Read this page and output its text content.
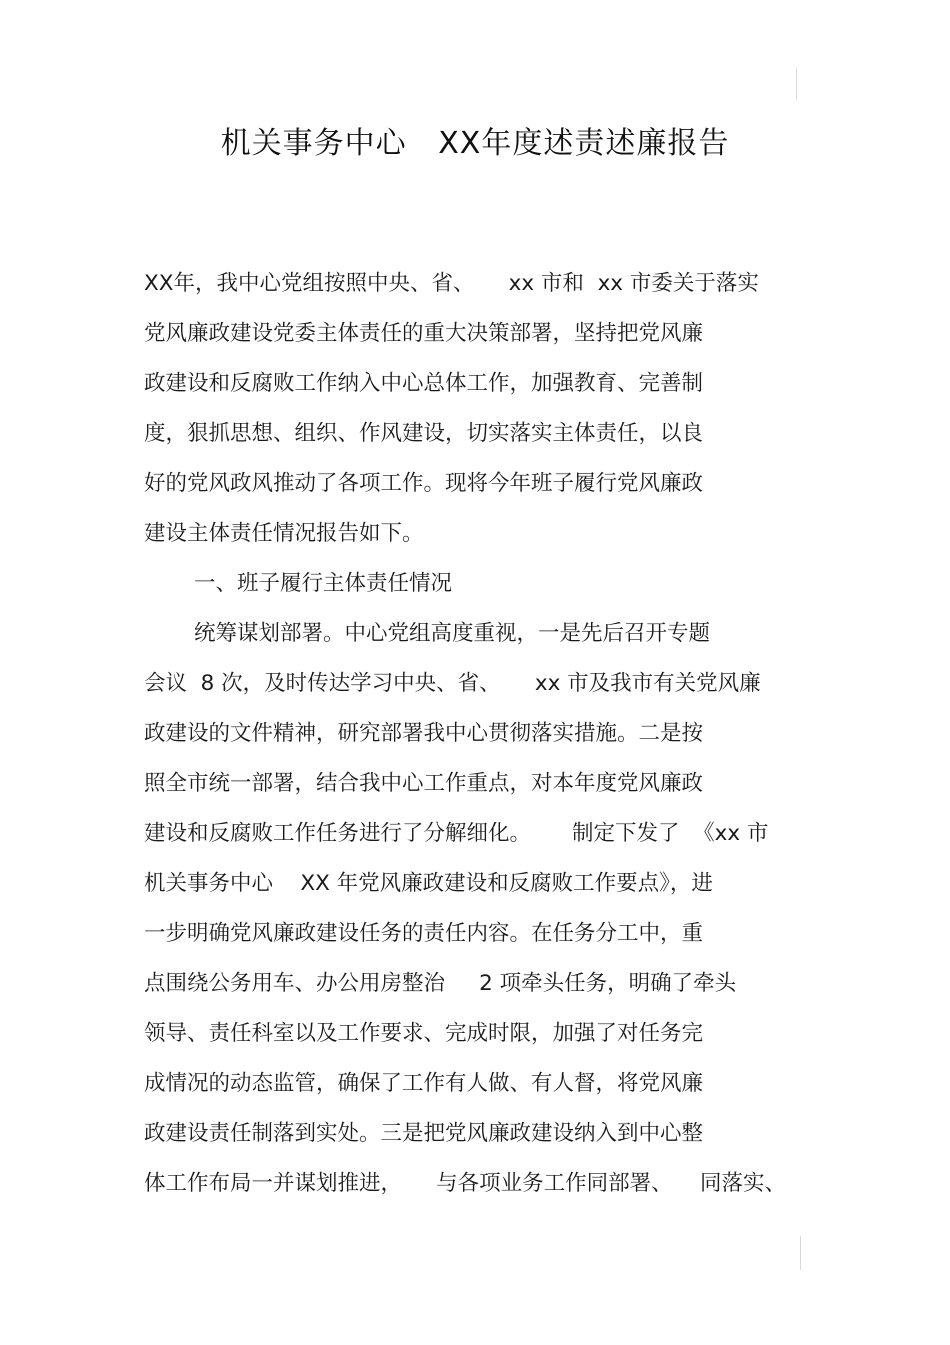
机关事务中心   XX年度述责述廉报告
XX年，我中心党组按照中央、省、     xx 市和  xx 市委关于落实
党风廉政建设党委主体责任的重大决策部署，坚持把党风廉
政建设和反腐败工作纳入中心总体工作，加强教育、完善制
度，狠抓思想、组织、作风建设，切实落实主体责任，以良
好的党风政风推动了各项工作。现将今年班子履行党风廉政
建设主体责任情况报告如下。
一、班子履行主体责任情况
统筹谋划部署。中心党组高度重视，一是先后召开专题
会议  8 次，及时传达学习中央、省、     xx 市及我市有关党风廉
政建设的文件精神，研究部署我中心贯彻落实措施。二是按
照全市统一部署，结合我中心工作重点，对本年度党风廉政
建设和反腐败工作任务进行了分解细化。      制定下发了  《xx 市
机关事务中心    XX 年党风廉政建设和反腐败工作要点》，进
一步明确党风廉政建设任务的责任内容。在任务分工中，重
点围绕公务用车、办公用房整治     2 项牵头任务，明确了牵头
领导、责任科室以及工作要求、完成时限，加强了对任务完
成情况的动态监管，确保了工作有人做、有人督，将党风廉
政建设责任制落到实处。三是把党风廉政建设纳入到中心整
体工作布局一并谋划推进，     与各项业务工作同部署、    同落实、
